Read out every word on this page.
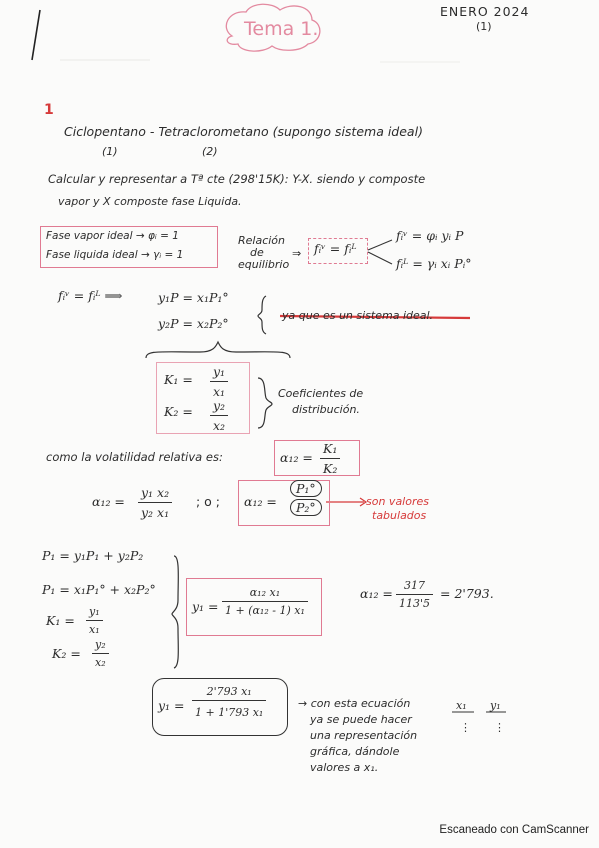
Tema 1.
ENERO 2024
(1)
1
Ciclopentano - Tetraclorometano (supongo sistema ideal)
(1)	(2)
Calcular y representar a Tª cte (298'15K): Y-X. siendo y composte
vapor y X composte fase Liquida.
Fase vapor ideal → φᵢ = 1
Fase liquida ideal → γᵢ = 1
Relación
de
equilibrio
⇒ fᵢᵛ = fᵢᴸ
fᵢᵛ = φᵢ yᵢ P
fᵢᴸ = γᵢ xᵢ Pᵢ°
fᵢᵛ = fᵢᴸ ⟹	y₁P = x₁P₁°
y₂P = x₂P₂°
ya que es un sistema ideal.
$K_1 = \frac{\text{y₁}}{\text{x₁}}$
$K_2 = \frac{\text{y₂}}{\text{x₂}}$
Coeficientes de
distribución.
como la volatilidad relativa es:	$\alpha_{12} = \frac{\text{K₁}}{\text{K₂}}$
$\alpha_{12} = \frac{\text{y₁ x₂}}{\text{y₂ x₁}}$ ; o ; $\alpha_{12} = \frac{\text{P₁°}}{\text{P₂°}}$	son valores
tabulados
P₁ = y₁P₁ + y₂P₂
P₁ = x₁P₁° + x₂P₂°
$K_1 = \frac{\text{y₁}}{\text{x₁}}$
$K_2 = \frac{\text{y₂}}{\text{x₂}}$
$y_1 = \frac{\text{α₁₂ x₁}}{\text{1 + (α₁₂ - 1) x₁}}$	$\alpha_{12} = \frac{317}{113'5} = 2'793$.
$y_1 = \frac{\text{2'793 x₁}}{\text{1 + 1'793 x₁}}$	→ con esta ecuación
ya se puede hacer
una representación
gráfica, dándole
valores a x₁.
x₁ y₁
⋮ ⋮
Escaneado con CamScanner
